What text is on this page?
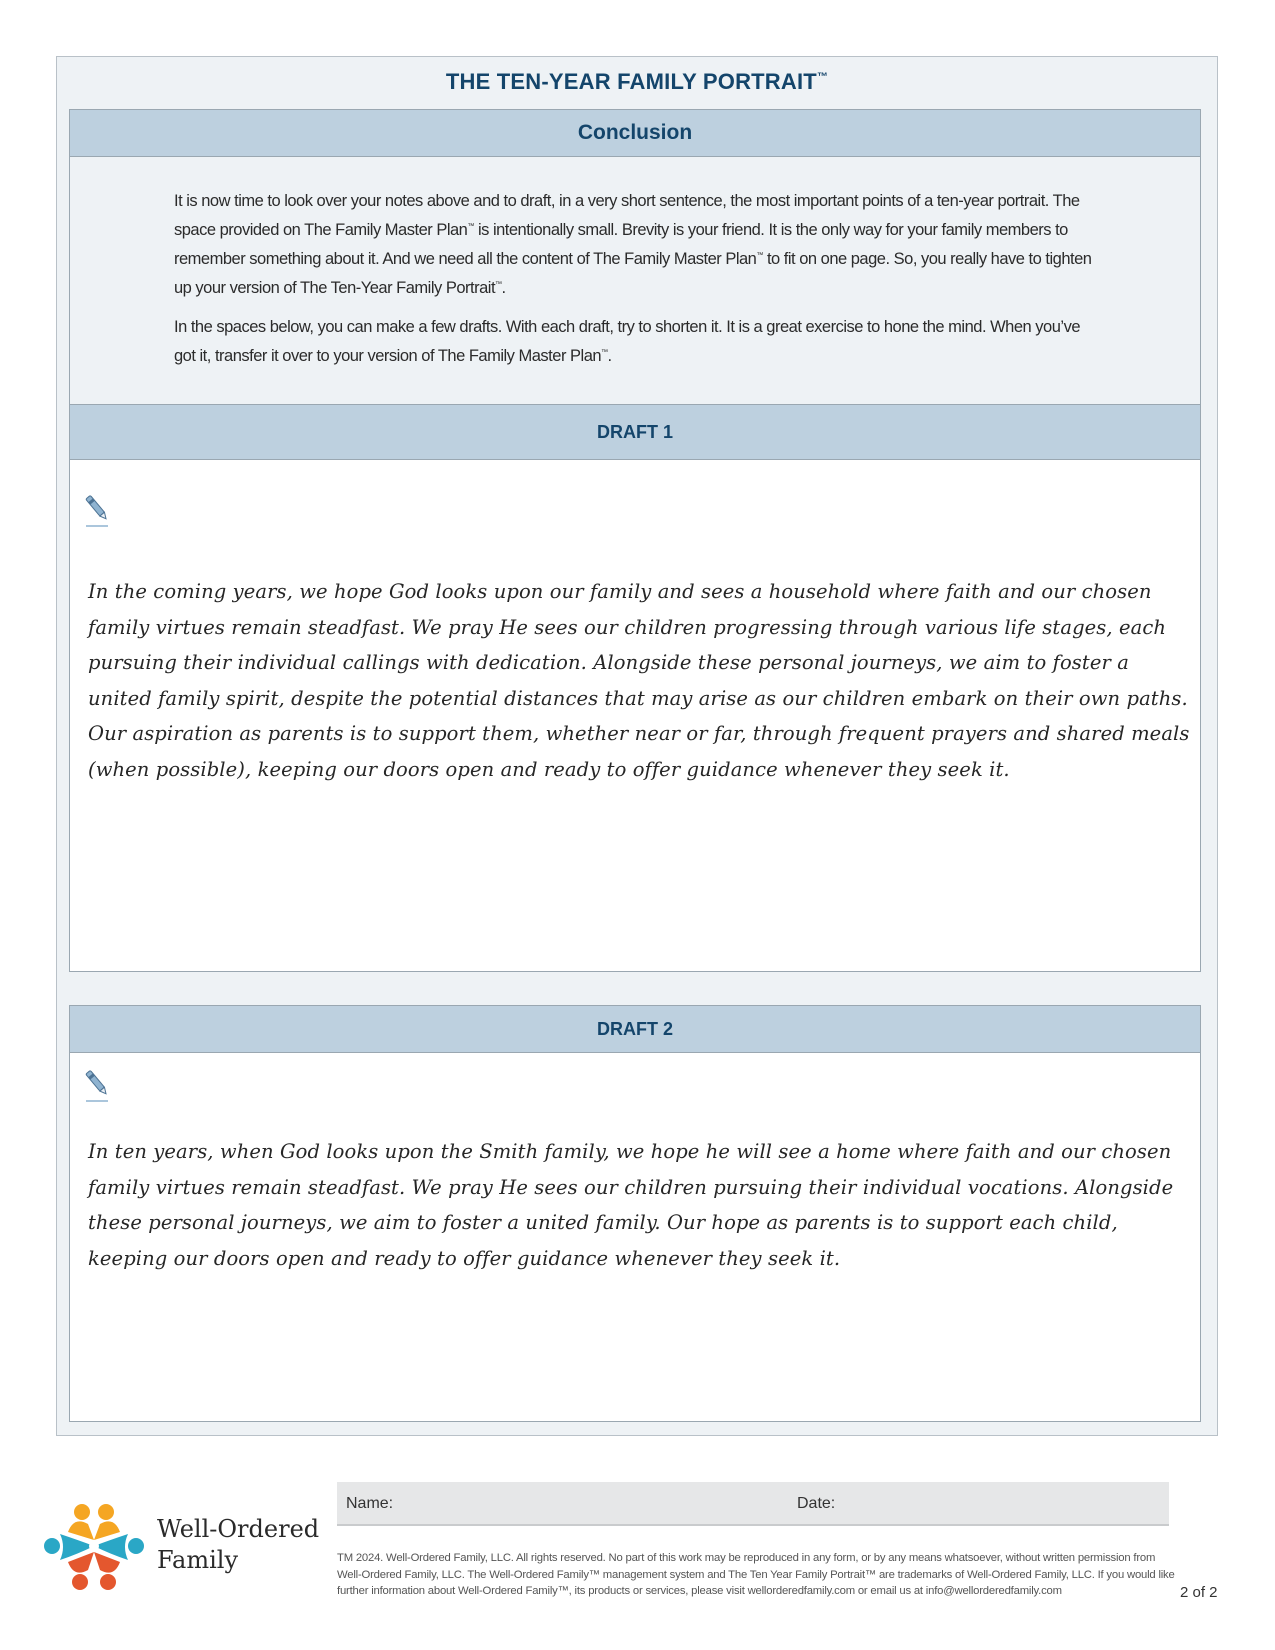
THE TEN-YEAR FAMILY PORTRAIT™
Conclusion

It is now time to look over your notes above and to draft, in a very short sentence, the most important points of a ten-year portrait. The space provided on The Family Master Plan™ is intentionally small. Brevity is your friend. It is the only way for your family members to remember something about it. And we need all the content of The Family Master Plan™ to fit on one page. So, you really have to tighten up your version of The Ten-Year Family Portrait™.

In the spaces below, you can make a few drafts. With each draft, try to shorten it. It is a great exercise to hone the mind. When you’ve got it, transfer it over to your version of The Family Master Plan™.

DRAFT 1

In the coming years, we hope God looks upon our family and sees a household where faith and our chosen family virtues remain steadfast. We pray He sees our children progressing through various life stages, each pursuing their individual callings with dedication. Alongside these personal journeys, we aim to foster a united family spirit, despite the potential distances that may arise as our children embark on their own paths. Our aspiration as parents is to support them, whether near or far, through frequent prayers and shared meals (when possible), keeping our doors open and ready to offer guidance whenever they seek it.

DRAFT 2

In ten years, when God looks upon the Smith family, we hope he will see a home where faith and our chosen family virtues remain steadfast. We pray He sees our children pursuing their individual vocations. Alongside these personal journeys, we aim to foster a united family. Our hope as parents is to support each child, keeping our doors open and ready to offer guidance whenever they seek it.

Well-Ordered
Family
Name:	Date:
TM 2024. Well-Ordered Family, LLC. All rights reserved. No part of this work may be reproduced in any form, or by any means whatsoever, without written permission from Well-Ordered Family, LLC. The Well-Ordered Family™ management system and The Ten Year Family Portrait™ are trademarks of Well-Ordered Family, LLC. If you would like further information about Well-Ordered Family™, its products or services, please visit wellorderedfamily.com or email us at info@wellorderedfamily.com	2 of 2
